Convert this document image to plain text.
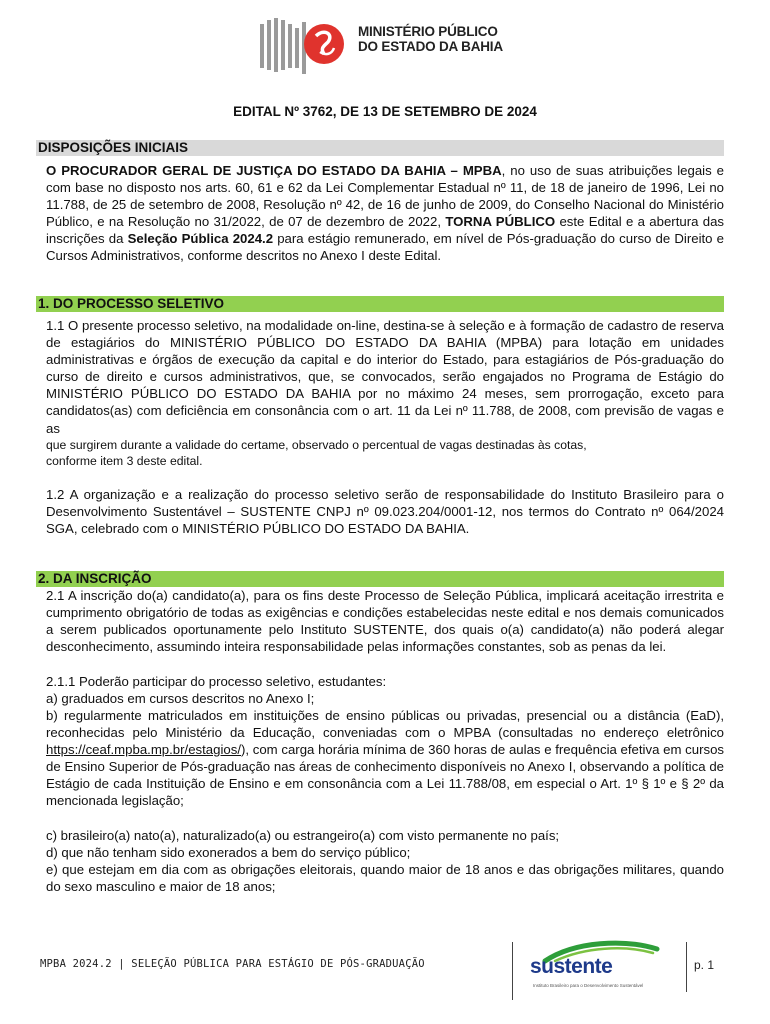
MINISTÉRIO PÚBLICO
DO ESTADO DA BAHIA
EDITAL Nº 3762, DE 13 DE SETEMBRO DE 2024
DISPOSIÇÕES INICIAIS
O PROCURADOR GERAL DE JUSTIÇA DO ESTADO DA BAHIA – MPBA, no uso de suas atribuições legais e com base no disposto nos arts. 60, 61 e 62 da Lei Complementar Estadual nº 11, de 18 de janeiro de 1996, Lei no 11.788, de 25 de setembro de 2008, Resolução nº 42, de 16 de junho de 2009, do Conselho Nacional do Ministério Público, e na Resolução no 31/2022, de 07 de dezembro de 2022, TORNA PÚBLICO este Edital e a abertura das inscrições da Seleção Pública 2024.2 para estágio remunerado, em nível de Pós-graduação do curso de Direito e Cursos Administrativos, conforme descritos no Anexo I deste Edital.
1. DO PROCESSO SELETIVO
1.1 O presente processo seletivo, na modalidade on-line, destina-se à seleção e à formação de cadastro de reserva de estagiários do MINISTÉRIO PÚBLICO DO ESTADO DA BAHIA (MPBA) para lotação em unidades administrativas e órgãos de execução da capital e do interior do Estado, para estagiários de Pós-graduação do curso de direito e cursos administrativos, que, se convocados, serão engajados no Programa de Estágio do MINISTÉRIO PÚBLICO DO ESTADO DA BAHIA por no máximo 24 meses, sem prorrogação, exceto para candidatos(as) com deficiência em consonância com o art. 11 da Lei nº 11.788, de 2008, com previsão de vagas e as
que surgirem durante a validade do certame, observado o percentual de vagas destinadas às cotas,
conforme item 3 deste edital.
1.2 A organização e a realização do processo seletivo serão de responsabilidade do Instituto Brasileiro para o Desenvolvimento Sustentável – SUSTENTE CNPJ nº 09.023.204/0001-12, nos termos do Contrato nº 064/2024 SGA, celebrado com o MINISTÉRIO PÚBLICO DO ESTADO DA BAHIA.
2. DA INSCRIÇÃO
2.1 A inscrição do(a) candidato(a), para os fins deste Processo de Seleção Pública, implicará aceitação irrestrita e cumprimento obrigatório de todas as exigências e condições estabelecidas neste edital e nos demais comunicados a serem publicados oportunamente pelo Instituto SUSTENTE, dos quais o(a) candidato(a) não poderá alegar desconhecimento, assumindo inteira responsabilidade pelas informações constantes, sob as penas da lei.
2.1.1 Poderão participar do processo seletivo, estudantes:
a) graduados em cursos descritos no Anexo I;
b) regularmente matriculados em instituições de ensino públicas ou privadas, presencial ou a distância (EaD), reconhecidas pelo Ministério da Educação, conveniadas com o MPBA (consultadas no endereço eletrônico https://ceaf.mpba.mp.br/estagios/), com carga horária mínima de 360 horas de aulas e frequência efetiva em cursos de Ensino Superior de Pós-graduação nas áreas de conhecimento disponíveis no Anexo I, observando a política de Estágio de cada Instituição de Ensino e em consonância com a Lei 11.788/08, em especial o Art. 1º § 1º e § 2º da mencionada legislação;
c) brasileiro(a) nato(a), naturalizado(a) ou estrangeiro(a) com visto permanente no país;
d) que não tenham sido exonerados a bem do serviço público;
e) que estejam em dia com as obrigações eleitorais, quando maior de 18 anos e das obrigações militares, quando do sexo masculino e maior de 18 anos;
MPBA 2024.2 | SELEÇÃO PÚBLICA PARA ESTÁGIO DE PÓS-GRADUAÇÃO	sustente
Instituto Brasileiro para o Desenvolvimento Sustentável
p. 1
